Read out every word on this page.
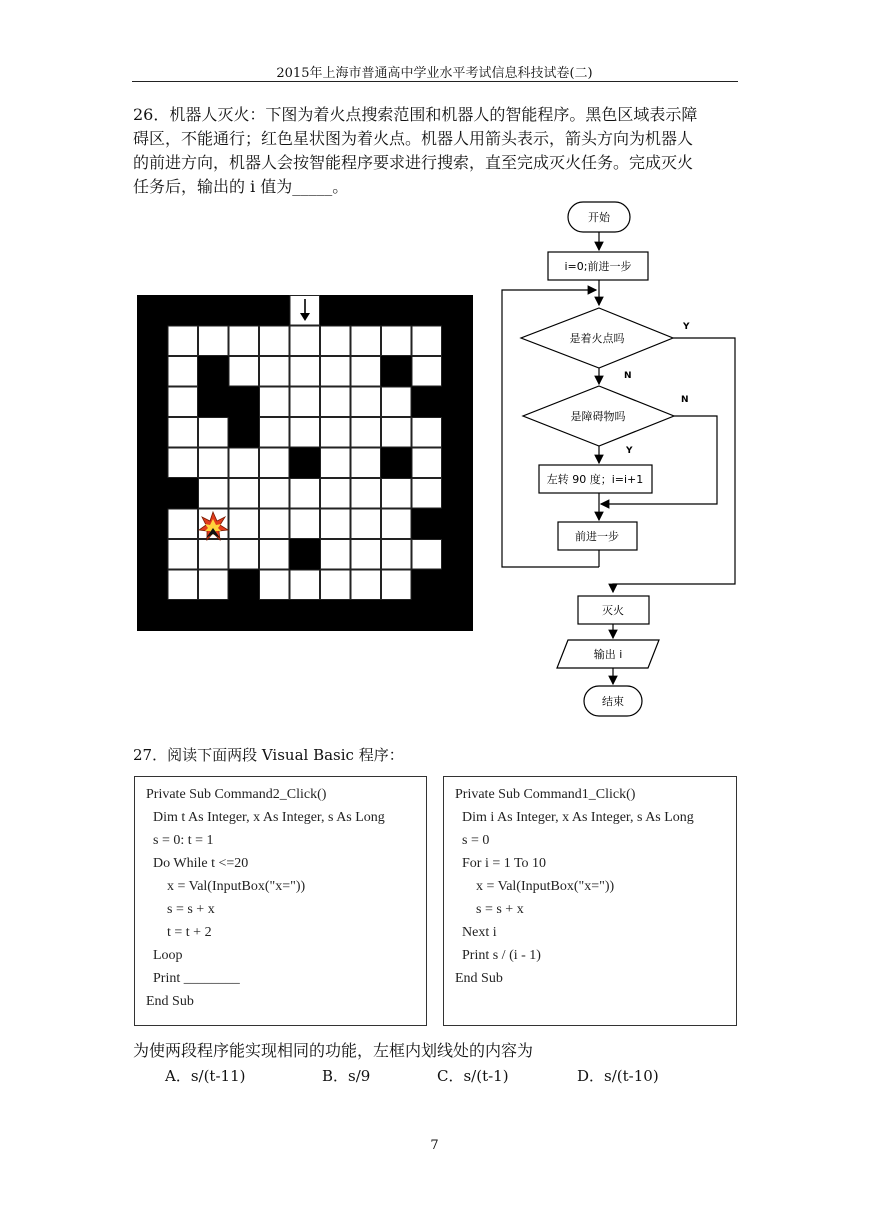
2015年上海市普通高中学业水平考试信息科技试卷(二)
26．机器人灭火：下图为着火点搜索范围和机器人的智能程序。黑色区域表示障
碍区，不能通行；红色星状图为着火点。机器人用箭头表示，箭头方向为机器人
的前进方向，机器人会按智能程序要求进行搜索，直至完成灭火任务。完成灭火
任务后，输出的 i 值为_____。
开始
i=0;前进一步
是着火点吗
是障碍物吗
左转 90 度；i=i+1
前进一步
灭火
输出 i
结束
Y
N
N
Y
27．阅读下面两段 Visual Basic 程序：
Private Sub Command2_Click()
Dim t As Integer, x As Integer, s As Long
s = 0: t = 1
Do While t <=20
x = Val(InputBox("x="))
s = s + x
t = t + 2
Loop
Print ________
End Sub
Private Sub Command1_Click()
Dim i As Integer, x As Integer, s As Long
s = 0
For i = 1 To 10
x = Val(InputBox("x="))
s = s + x
Next i
Print s / (i - 1)
End Sub
为使两段程序能实现相同的功能，左框内划线处的内容为
A．s/(t-11)	B．s/9	C．s/(t-1)	D．s/(t-10)
7
